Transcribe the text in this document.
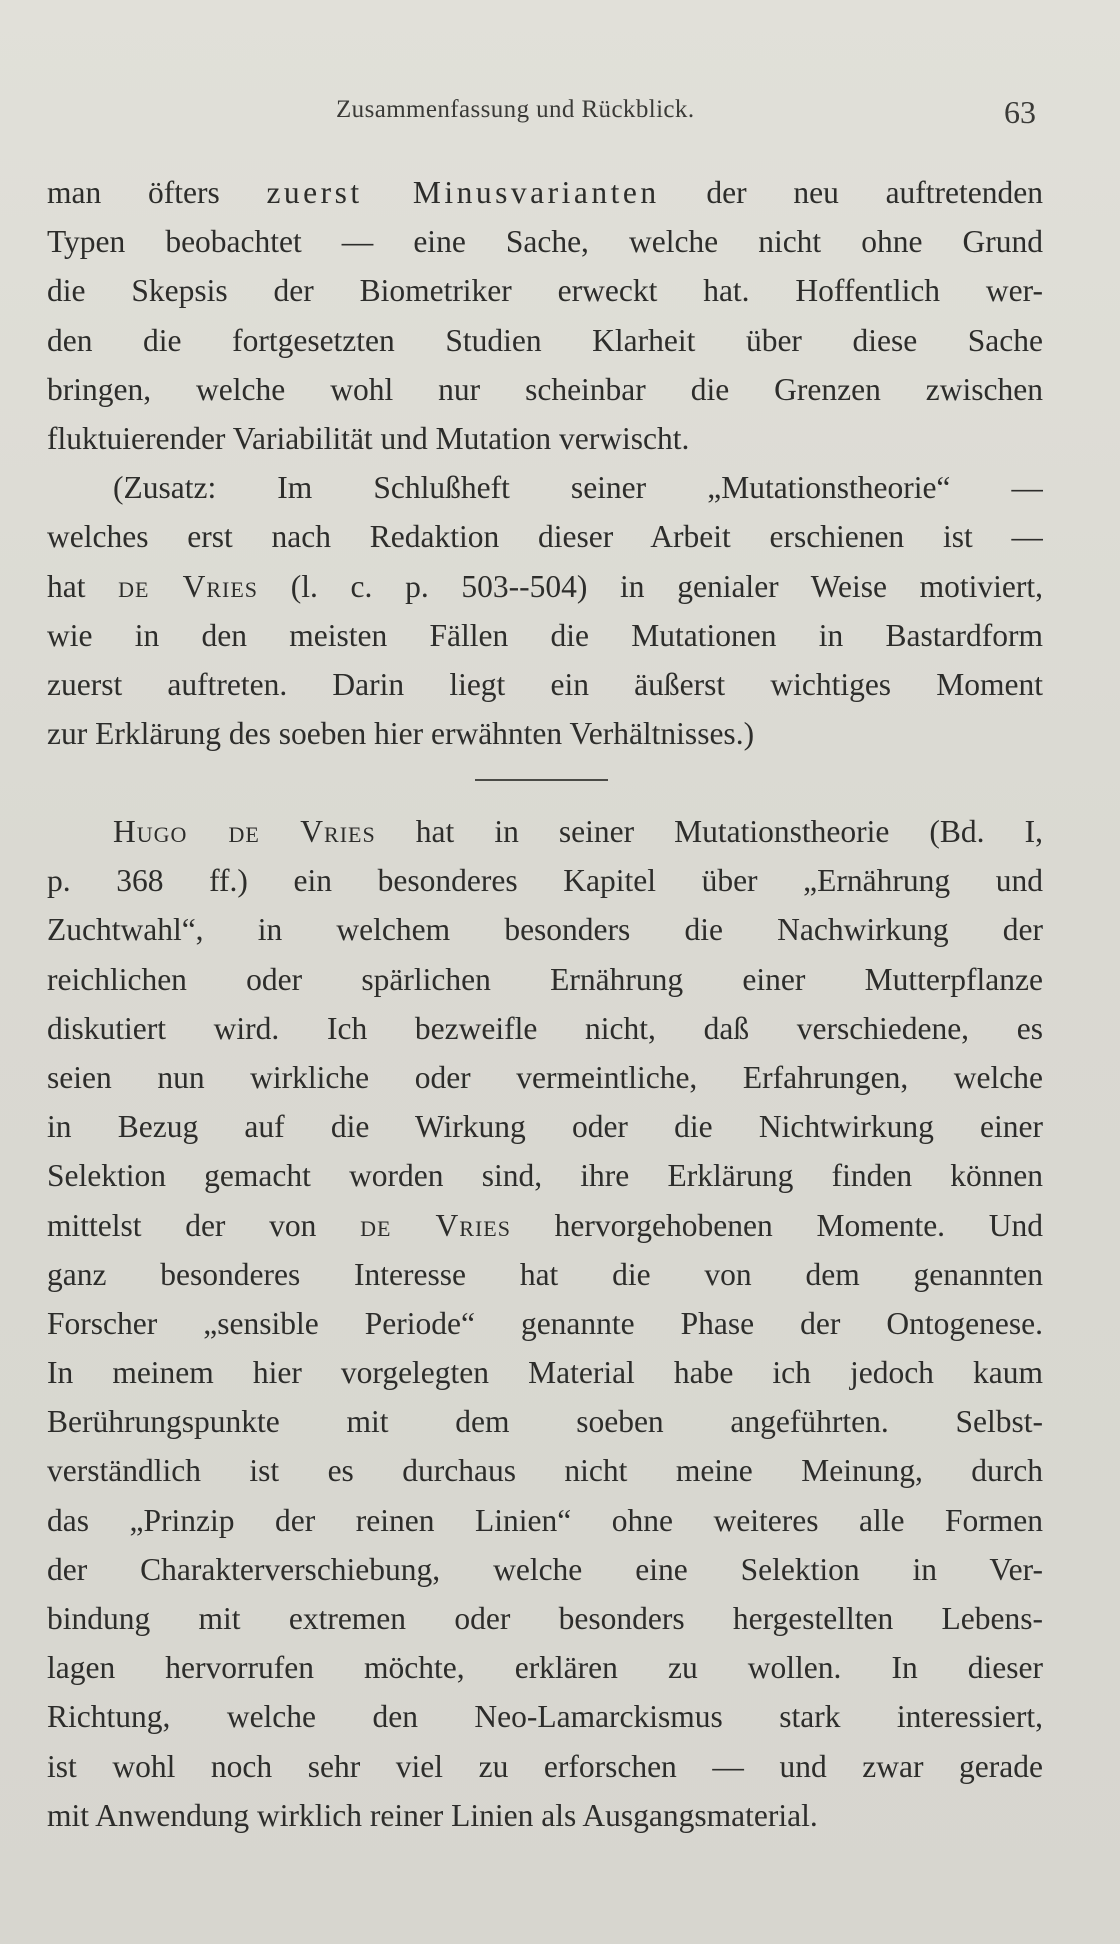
Zusammenfassung und Rückblick.	63
man öfters zuerst Minusvarianten der neu auftretenden
Typen beobachtet — eine Sache, welche nicht ohne Grund
die Skepsis der Biometriker erweckt hat. Hoffentlich wer-
den die fortgesetzten Studien Klarheit über diese Sache
bringen, welche wohl nur scheinbar die Grenzen zwischen
fluktuierender Variabilität und Mutation verwischt.
(Zusatz: Im Schlußheft seiner „Mutationstheorie“ —
welches erst nach Redaktion dieser Arbeit erschienen ist —
hat de Vries (l. c. p. 503--504) in genialer Weise motiviert,
wie in den meisten Fällen die Mutationen in Bastardform
zuerst auftreten. Darin liegt ein äußerst wichtiges Moment
zur Erklärung des soeben hier erwähnten Verhältnisses.)
Hugo de Vries hat in seiner Mutationstheorie (Bd. I,
p. 368 ff.) ein besonderes Kapitel über „Ernährung und
Zuchtwahl“, in welchem besonders die Nachwirkung der
reichlichen oder spärlichen Ernährung einer Mutterpflanze
diskutiert wird. Ich bezweifle nicht, daß verschiedene, es
seien nun wirkliche oder vermeintliche, Erfahrungen, welche
in Bezug auf die Wirkung oder die Nichtwirkung einer
Selektion gemacht worden sind, ihre Erklärung finden können
mittelst der von de Vries hervorgehobenen Momente. Und
ganz besonderes Interesse hat die von dem genannten
Forscher „sensible Periode“ genannte Phase der Ontogenese.
In meinem hier vorgelegten Material habe ich jedoch kaum
Berührungspunkte mit dem soeben angeführten. Selbst-
verständlich ist es durchaus nicht meine Meinung, durch
das „Prinzip der reinen Linien“ ohne weiteres alle Formen
der Charakterverschiebung, welche eine Selektion in Ver-
bindung mit extremen oder besonders hergestellten Lebens-
lagen hervorrufen möchte, erklären zu wollen. In dieser
Richtung, welche den Neo-Lamarckismus stark interessiert,
ist wohl noch sehr viel zu erforschen — und zwar gerade
mit Anwendung wirklich reiner Linien als Ausgangsmaterial.
